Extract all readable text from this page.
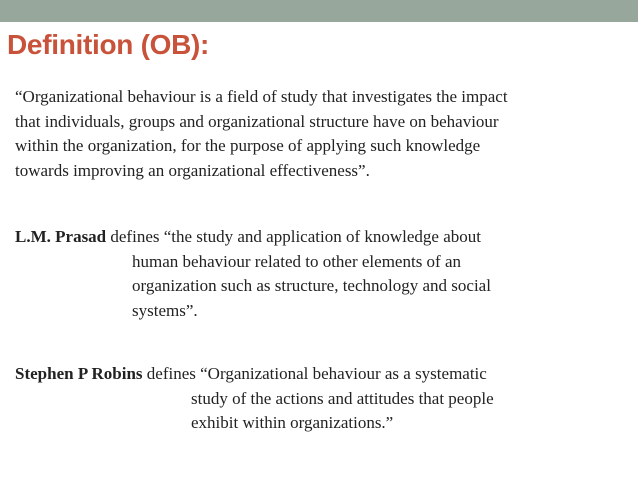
Definition (OB):

“Organizational behaviour is a field of study that investigates the impact
that individuals, groups and organizational structure have on behaviour
within the organization, for the purpose of applying such knowledge
towards improving an organizational effectiveness”.

L.M. Prasad defines “the study and application of knowledge about
human behaviour related to other elements of an
organization such as structure, technology and social
systems”.

Stephen P Robins defines “Organizational behaviour as a systematic
study of the actions and attitudes that people
exhibit within organizations.”
